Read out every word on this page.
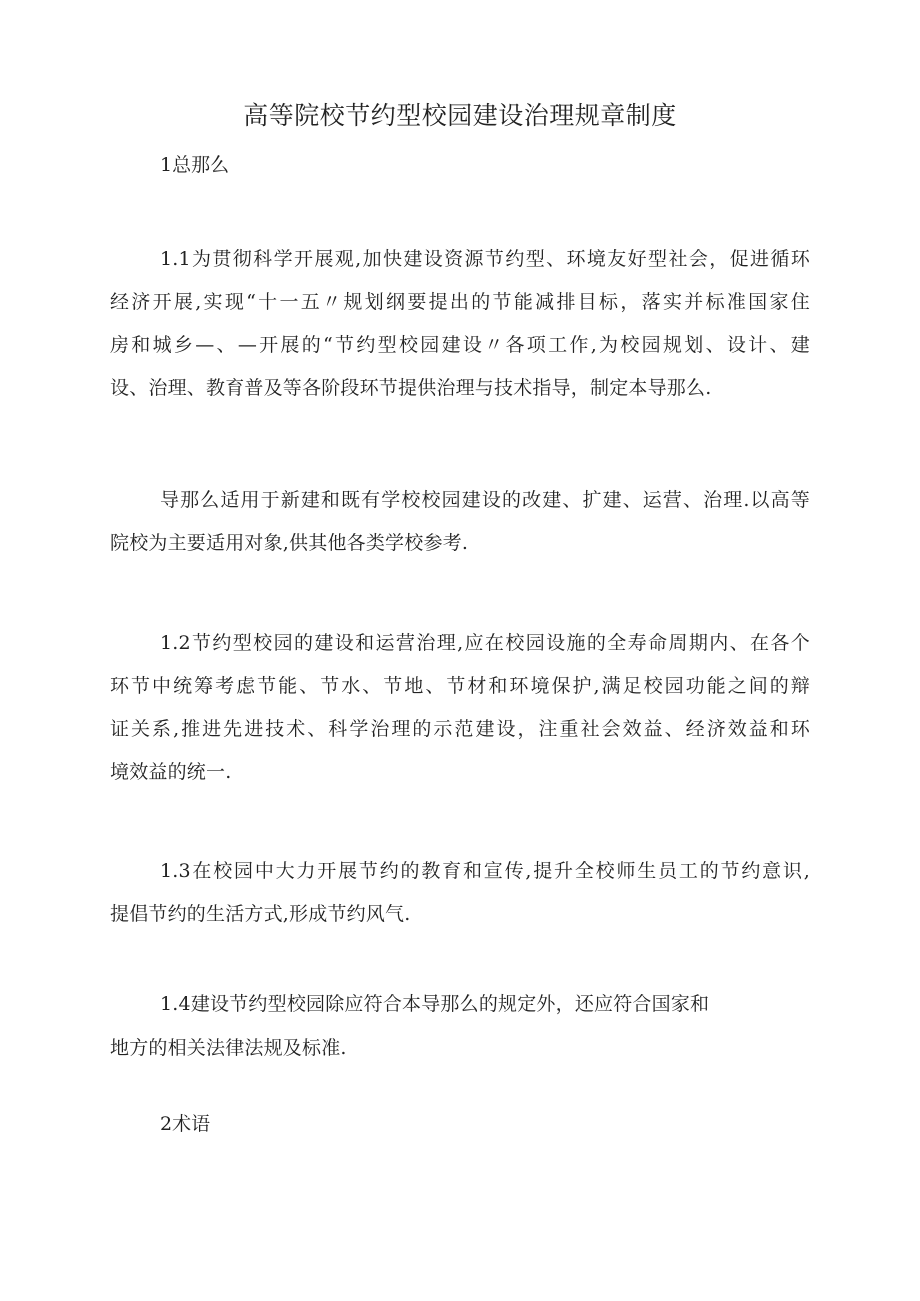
高等院校节约型校园建设治理规章制度
1总那么
1.1为贯彻科学开展观,加快建设资源节约型、环境友好型社会，促进循环
经济开展,实现“十一五〃规划纲要提出的节能减排目标，落实并标准国家住
房和城乡—、—开展的“节约型校园建设〃各项工作,为校园规划、设计、建
设、治理、教育普及等各阶段环节提供治理与技术指导，制定本导那么.
导那么适用于新建和既有学校校园建设的改建、扩建、运营、治理.以高等
院校为主要适用对象,供其他各类学校参考.
1.2节约型校园的建设和运营治理,应在校园设施的全寿命周期内、在各个
环节中统筹考虑节能、节水、节地、节材和环境保护,满足校园功能之间的辩
证关系,推进先进技术、科学治理的示范建设，注重社会效益、经济效益和环
境效益的统一.
1.3在校园中大力开展节约的教育和宣传,提升全校师生员工的节约意识,
提倡节约的生活方式,形成节约风气.
1.4建设节约型校园除应符合本导那么的规定外，还应符合国家和
地方的相关法律法规及标准.
2术语
